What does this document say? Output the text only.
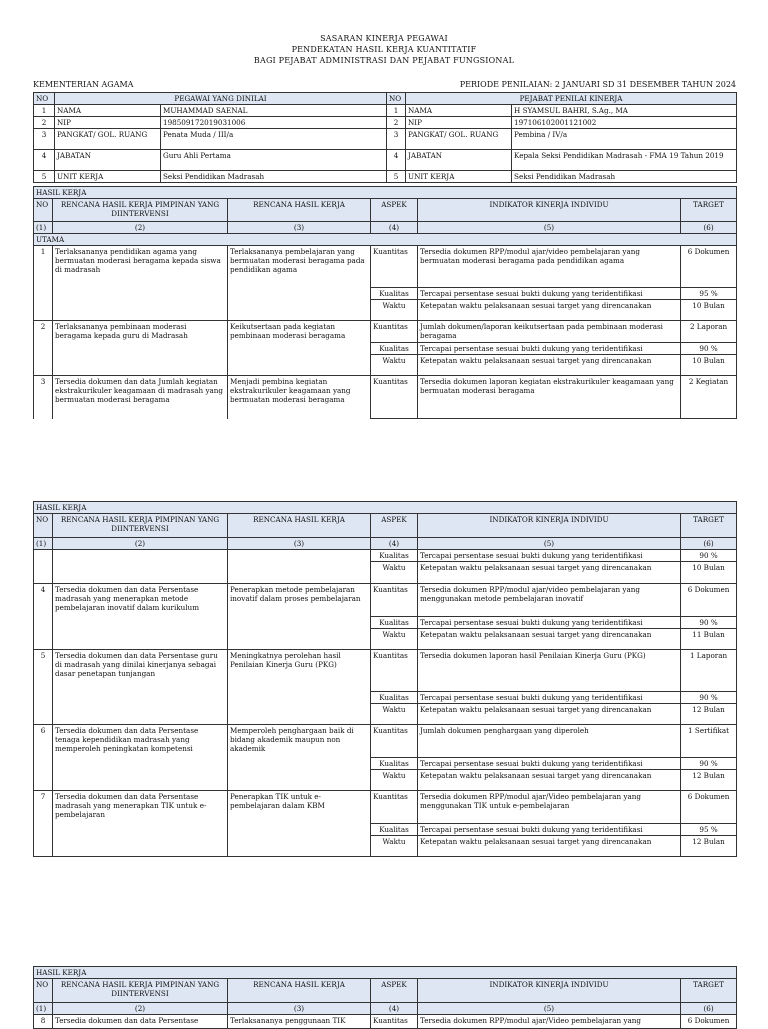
SASARAN KINERJA PEGAWAI
PENDEKATAN HASIL KERJA KUANTITATIF
BAGI PEJABAT ADMINISTRASI DAN PEJABAT FUNGSIONAL
KEMENTERIAN AGAMA	PERIODE PENILAIAN: 2 JANUARI SD 31 DESEMBER TAHUN 2024
NO	PEGAWAI YANG DINILAI		NO	PEJABAT PENILAI KINERJA	
1	NAMA	MUHAMMAD SAENAL	1	NAMA	H SYAMSUL BAHRI, S.Ag., MA
2	NIP	198509172019031006	2	NIP	197106102001121002
3	PANGKAT/ GOL. RUANG	Penata Muda / III/a	3	PANGKAT/ GOL. RUANG	Pembina / IV/a
4	JABATAN	Guru Ahli Pertama	4	JABATAN	Kepala Seksi Pendidikan Madrasah - FMA 19 Tahun 2019
5	UNIT KERJA	Seksi Pendidikan Madrasah	5	UNIT KERJA	Seksi Pendidikan Madrasah
HASIL KERJA					
NO	RENCANA HASIL KERJA PIMPINAN YANG DIINTERVENSI	RENCANA HASIL KERJA	ASPEK	INDIKATOR KINERJA INDIVIDU	TARGET
(1)	(2)	(3)	(4)	(5)	(6)
UTAMA					
1	Terlaksananya pendidikan agama yang bermuatan moderasi beragama kepada siswa di madrasah	Terlaksananya pembelajaran yang bermuatan moderasi beragama pada pendidikan agama	Kuantitas	Tersedia dokumen RPP/modul ajar/video pembelajaran yang bermuatan moderasi beragama pada pendidikan agama	6 Dokumen
			Kualitas	Tercapai persentase sesuai bukti dukung yang teridentifikasi	95 %
			Waktu	Ketepatan waktu pelaksanaan sesuai target yang direncanakan	10 Bulan
2	Terlaksananya pembinaan moderasi beragama kepada guru di Madrasah	Keikutsertaan pada kegiatan pembinaan moderasi beragama	Kuantitas	Jumlah dokumen/laporan keikutsertaan pada pembinaan moderasi beragama	2 Laporan
			Kualitas	Tercapai persentase sesuai bukti dukung yang teridentifikasi	90 %
			Waktu	Ketepatan waktu pelaksanaan sesuai target yang direncanakan	10 Bulan
3	Tersedia dokumen dan data Jumlah kegiatan ekstrakurikuler keagamaan di madrasah yang bermuatan moderasi beragama	Menjadi pembina kegiatan ekstrakurikuler keagamaan yang bermuatan moderasi beragama	Kuantitas	Tersedia dokumen laporan kegiatan ekstrakurikuler keagamaan yang bermuatan moderasi beragama	2 Kegiatan
HASIL KERJA					
NO	RENCANA HASIL KERJA PIMPINAN YANG DIINTERVENSI	RENCANA HASIL KERJA	ASPEK	INDIKATOR KINERJA INDIVIDU	TARGET
(1)	(2)	(3)	(4)	(5)	(6)
			Kualitas	Tercapai persentase sesuai bukti dukung yang teridentifikasi	90 %
			Waktu	Ketepatan waktu pelaksanaan sesuai target yang direncanakan	10 Bulan
4	Tersedia dokumen dan data Persentase madrasah yang menerapkan metode pembelajaran inovatif dalam kurikulum	Penerapkan metode pembelajaran inovatif dalam proses pembelajaran	Kuantitas	Tersedia dokumen RPP/modul ajar/video pembelajaran yang menggunakan metode pembelajaran inovatif	6 Dokumen
			Kualitas	Tercapai persentase sesuai bukti dukung yang teridentifikasi	90 %
			Waktu	Ketepatan waktu pelaksanaan sesuai target yang direncanakan	11 Bulan
5	Tersedia dokumen dan data Persentase guru di madrasah yang dinilai kinerjanya sebagai dasar penetapan tunjangan	Meningkatnya perolehan hasil Penilaian Kinerja Guru (PKG)	Kuantitas	Tersedia dokumen laporan hasil Penilaian Kinerja Guru (PKG)	1 Laporan
			Kualitas	Tercapai persentase sesuai bukti dukung yang teridentifikasi	90 %
			Waktu	Ketepatan waktu pelaksanaan sesuai target yang direncanakan	12 Bulan
6	Tersedia dokumen dan data Persentase tenaga kependidikan madrasah yang memperoleh peningkatan kompetensi	Memperoleh penghargaan baik di bidang akademik maupun non akademik	Kuantitas	Jumlah dokumen penghargaan yang diperoleh	1 Sertifikat
			Kualitas	Tercapai persentase sesuai bukti dukung yang teridentifikasi	90 %
			Waktu	Ketepatan waktu pelaksanaan sesuai target yang direncanakan	12 Bulan
7	Tersedia dokumen dan data Persentase madrasah yang menerapkan TIK untuk e-pembelajaran	Penerapkan TIK untuk e-pembelajaran dalam KBM	Kuantitas	Tersedia dokumen RPP/modul ajar/Video pembelajaran yang menggunakan TIK untuk e-pembelajaran	6 Dokumen
			Kualitas	Tercapai persentase sesuai bukti dukung yang teridentifikasi	95 %
			Waktu	Ketepatan waktu pelaksanaan sesuai target yang direncanakan	12 Bulan
HASIL KERJA					
NO	RENCANA HASIL KERJA PIMPINAN YANG DIINTERVENSI	RENCANA HASIL KERJA	ASPEK	INDIKATOR KINERJA INDIVIDU	TARGET
(1)	(2)	(3)	(4)	(5)	(6)
8	Tersedia dokumen dan data Persentase	Terlaksananya penggunaan TIK	Kuantitas	Tersedia dokumen RPP/modul ajar/Video pembelajaran yang	6 Dokumen
